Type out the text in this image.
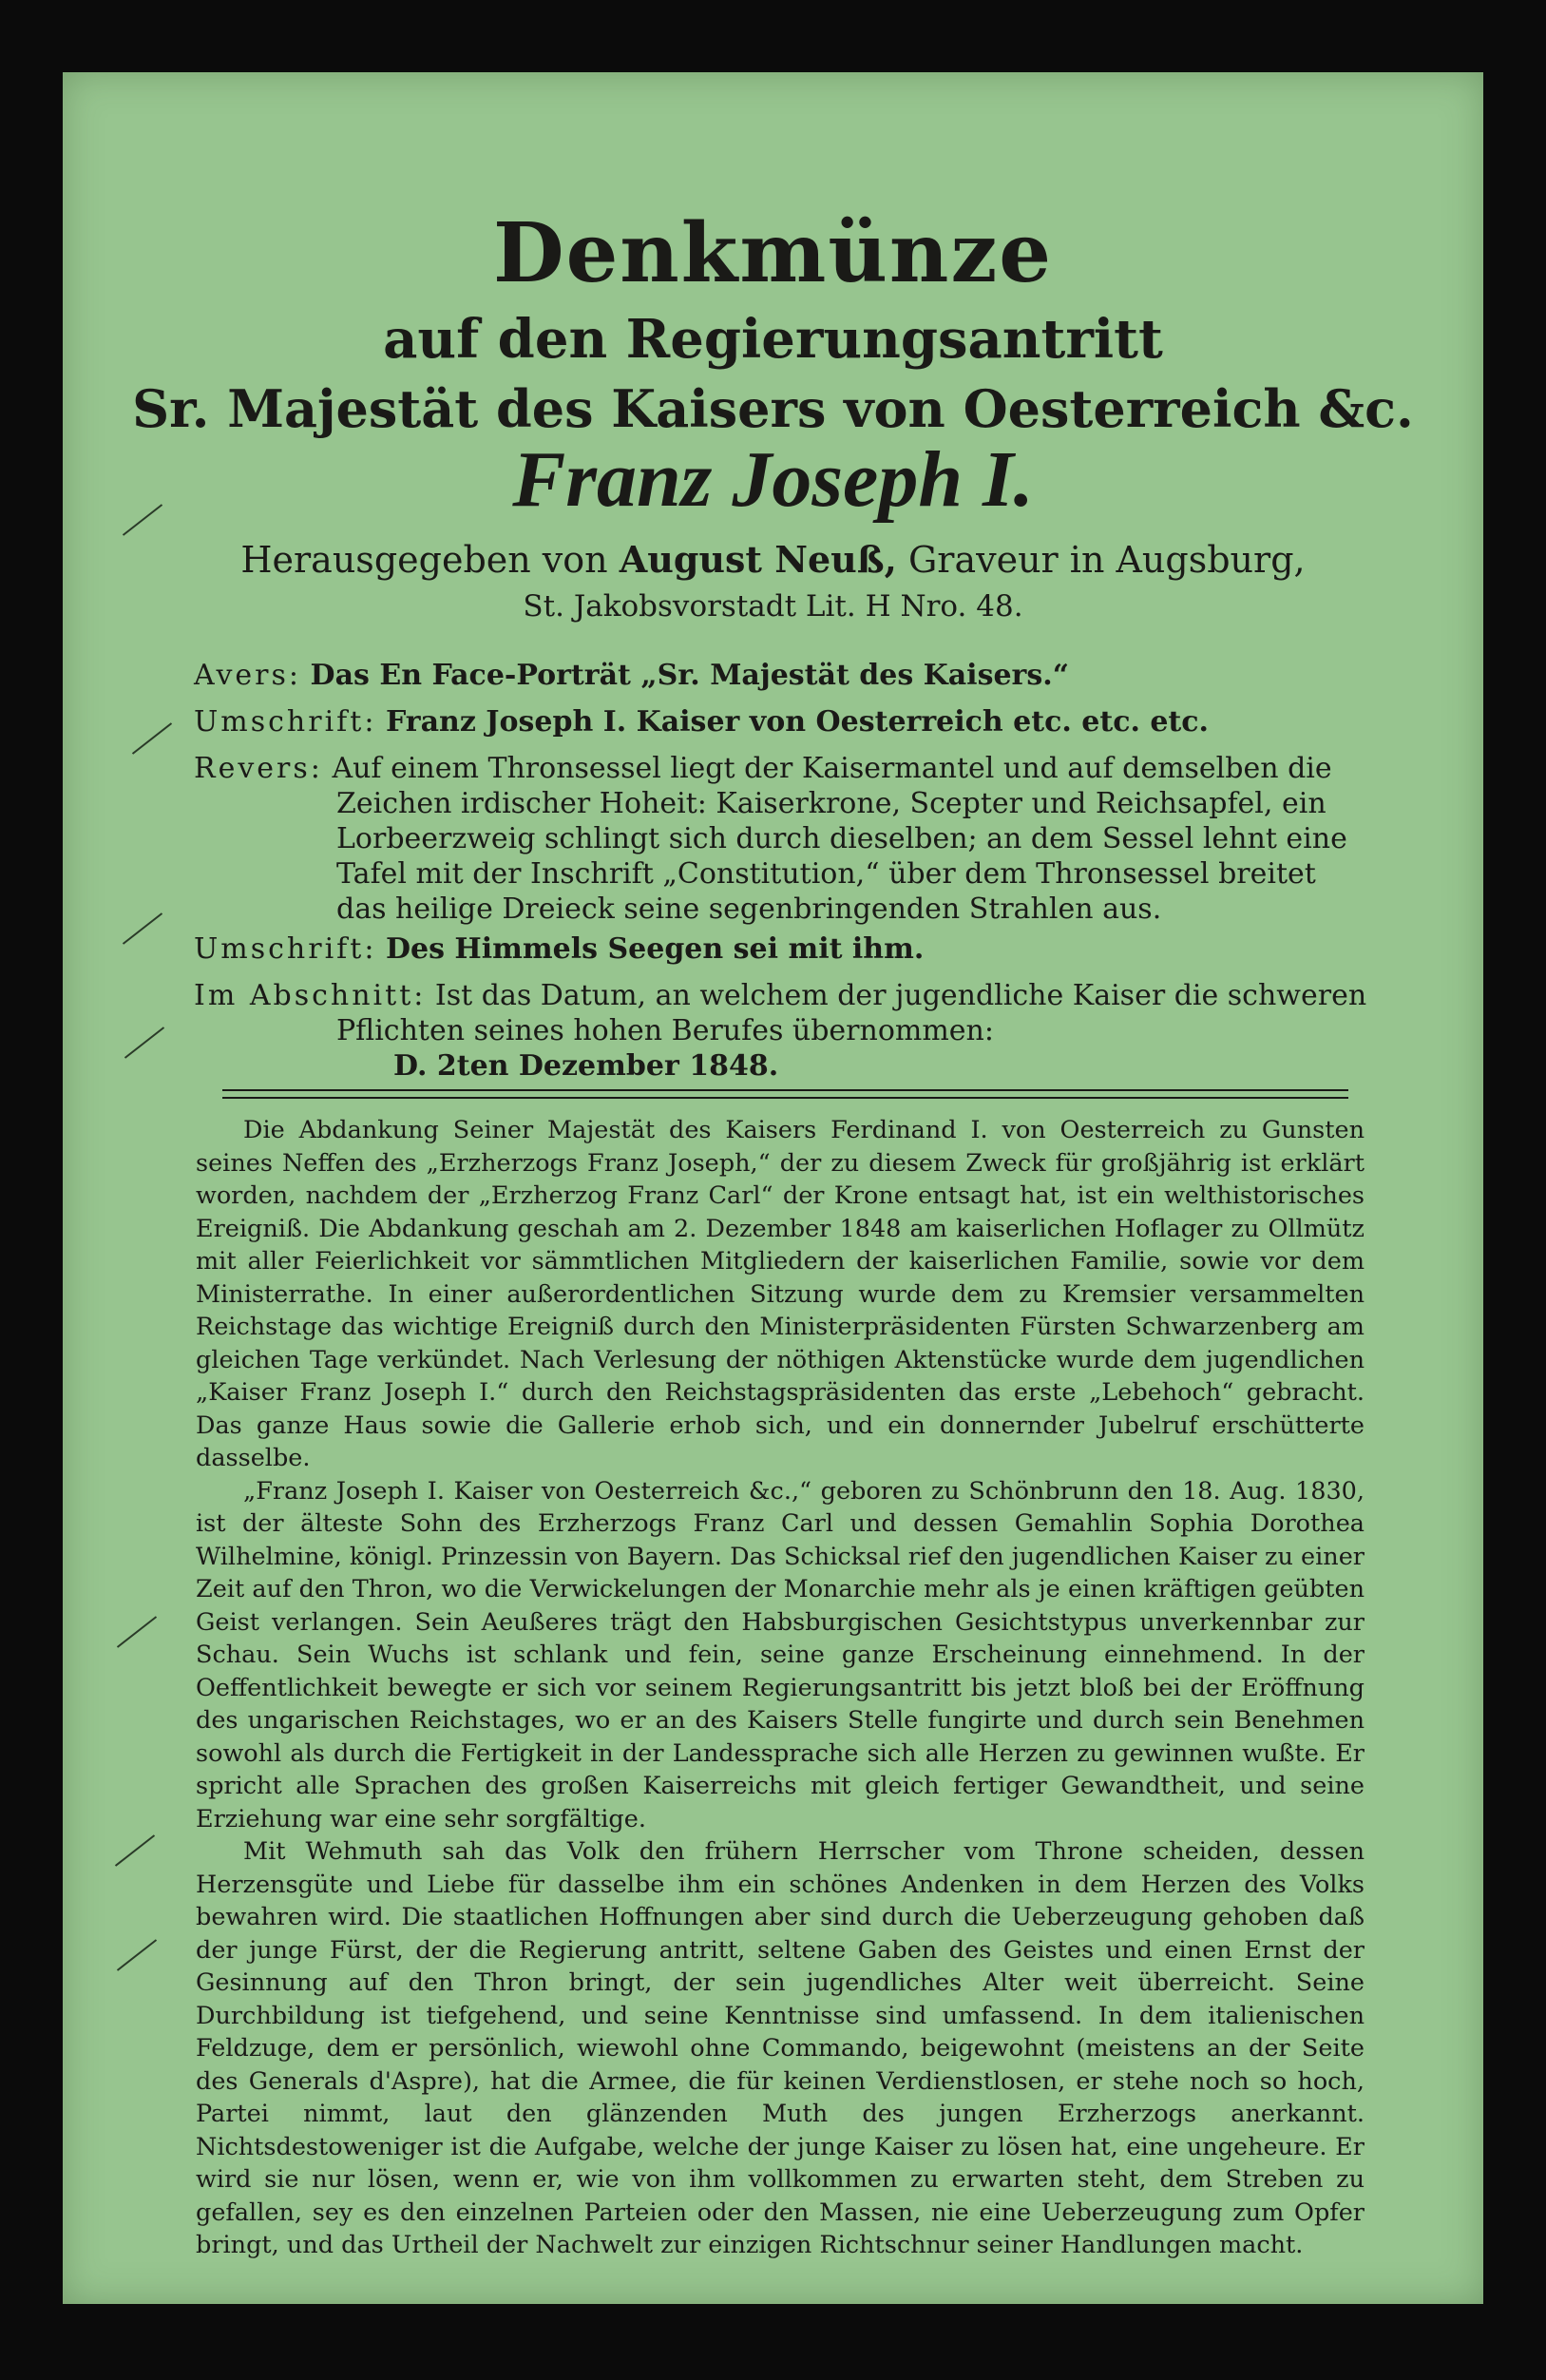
Denkmünze
auf den Regierungsantritt
Sr. Majestät des Kaisers von Oesterreich &c.
Franz Joseph I.
Herausgegeben von August Neuß, Graveur in Augsburg,
St. Jakobsvorstadt Lit. H Nro. 48.
Avers: Das En Face-Porträt „Sr. Majestät des Kaisers.“
Umschrift: Franz Joseph I. Kaiser von Oesterreich etc. etc. etc.
Revers: Auf einem Thronsessel liegt der Kaisermantel und auf demselben die
Zeichen irdischer Hoheit: Kaiserkrone, Scepter und Reichsapfel, ein
Lorbeerzweig schlingt sich durch dieselben; an dem Sessel lehnt eine
Tafel mit der Inschrift „Constitution,“ über dem Thronsessel breitet
das heilige Dreieck seine segenbringenden Strahlen aus.
Umschrift: Des Himmels Seegen sei mit ihm.
Im Abschnitt: Ist das Datum, an welchem der jugendliche Kaiser die schweren
Pflichten seines hohen Berufes übernommen:
D. 2ten Dezember 1848.

Die Abdankung Seiner Majestät des Kaisers Ferdinand I. von Oesterreich zu Gunsten seines Neffen des „Erzherzogs Franz Joseph,“ der zu diesem Zweck für großjährig ist erklärt worden, nachdem der „Erzherzog Franz Carl“ der Krone entsagt hat, ist ein welthistorisches Ereigniß. Die Abdankung geschah am 2. Dezember 1848 am kaiserlichen Hoflager zu Ollmütz mit aller Feierlichkeit vor sämmtlichen Mitgliedern der kaiserlichen Familie, sowie vor dem Ministerrathe. In einer außerordentlichen Sitzung wurde dem zu Kremsier versammelten Reichstage das wichtige Ereigniß durch den Ministerpräsidenten Fürsten Schwarzenberg am gleichen Tage verkündet. Nach Verlesung der nöthigen Aktenstücke wurde dem jugendlichen „Kaiser Franz Joseph I.“ durch den Reichstagspräsidenten das erste „Lebehoch“ gebracht. Das ganze Haus sowie die Gallerie erhob sich, und ein donnernder Jubelruf erschütterte dasselbe.

„Franz Joseph I. Kaiser von Oesterreich &c.,“ geboren zu Schönbrunn den 18. Aug. 1830, ist der älteste Sohn des Erzherzogs Franz Carl und dessen Gemahlin Sophia Dorothea Wilhelmine, königl. Prinzessin von Bayern. Das Schicksal rief den jugendlichen Kaiser zu einer Zeit auf den Thron, wo die Verwickelungen der Monarchie mehr als je einen kräftigen geübten Geist verlangen. Sein Aeußeres trägt den Habsburgischen Gesichtstypus unverkennbar zur Schau. Sein Wuchs ist schlank und fein, seine ganze Erscheinung einnehmend. In der Oeffentlichkeit bewegte er sich vor seinem Regierungsantritt bis jetzt bloß bei der Eröffnung des ungarischen Reichstages, wo er an des Kaisers Stelle fungirte und durch sein Benehmen sowohl als durch die Fertigkeit in der Landessprache sich alle Herzen zu gewinnen wußte. Er spricht alle Sprachen des großen Kaiserreichs mit gleich fertiger Gewandtheit, und seine Erziehung war eine sehr sorgfältige.

Mit Wehmuth sah das Volk den frühern Herrscher vom Throne scheiden, dessen Herzensgüte und Liebe für dasselbe ihm ein schönes Andenken in dem Herzen des Volks bewahren wird. Die staatlichen Hoffnungen aber sind durch die Ueberzeugung gehoben daß der junge Fürst, der die Regierung antritt, seltene Gaben des Geistes und einen Ernst der Gesinnung auf den Thron bringt, der sein jugendliches Alter weit überreicht. Seine Durchbildung ist tiefgehend, und seine Kenntnisse sind umfassend. In dem italienischen Feldzuge, dem er persönlich, wiewohl ohne Commando, beigewohnt (meistens an der Seite des Generals d'Aspre), hat die Armee, die für keinen Verdienstlosen, er stehe noch so hoch, Partei nimmt, laut den glänzenden Muth des jungen Erzherzogs anerkannt. Nichtsdestoweniger ist die Aufgabe, welche der junge Kaiser zu lösen hat, eine ungeheure. Er wird sie nur lösen, wenn er, wie von ihm vollkommen zu erwarten steht, dem Streben zu gefallen, sey es den einzelnen Parteien oder den Massen, nie eine Ueberzeugung zum Opfer bringt, und das Urtheil der Nachwelt zur einzigen Richtschnur seiner Handlungen macht.
